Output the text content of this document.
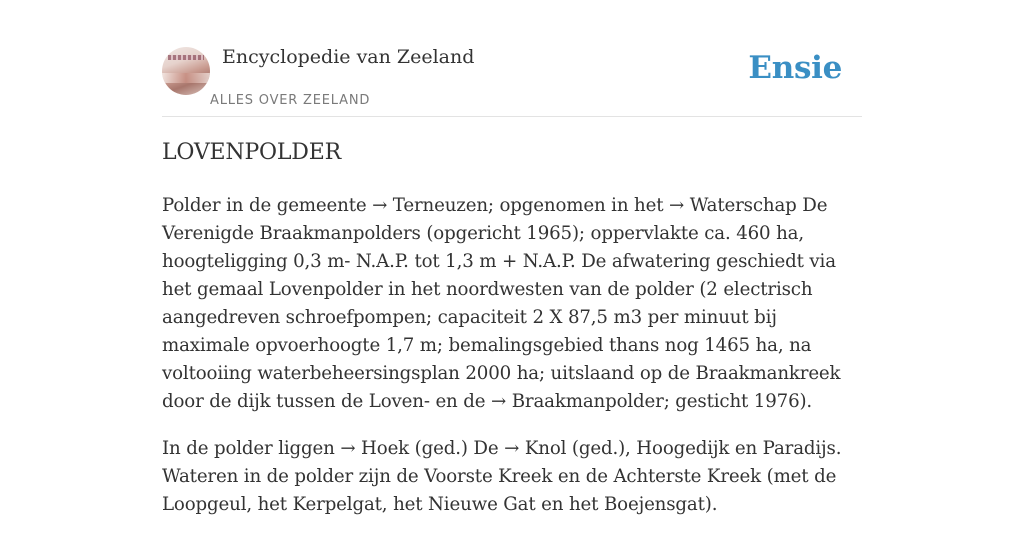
Encyclopedie van Zeeland
ALLES OVER ZEELAND
Ensie
LOVENPOLDER

Polder in de gemeente → Terneuzen; opgenomen in het → Waterschap De Verenigde Braakmanpolders (opgericht 1965); oppervlakte ca. 460 ha, hoogteligging 0,3 m- N.A.P. tot 1,3 m + N.A.P. De afwatering geschiedt via het gemaal Lovenpolder in het noordwesten van de polder (2 electrisch aangedreven schroefpompen; capaciteit 2 X 87,5 m3 per minuut bij maximale opvoerhoogte 1,7 m; bemalingsgebied thans nog 1465 ha, na voltooiing waterbeheersingsplan 2000 ha; uitslaand op de Braakmankreek door de dijk tussen de Loven- en de → Braakmanpolder; gesticht 1976).

In de polder liggen → Hoek (ged.) De → Knol (ged.), Hoogedijk en Paradijs. Wateren in de polder zijn de Voorste Kreek en de Achterste Kreek (met de Loopgeul, het Kerpelgat, het Nieuwe Gat en het Boejensgat).
